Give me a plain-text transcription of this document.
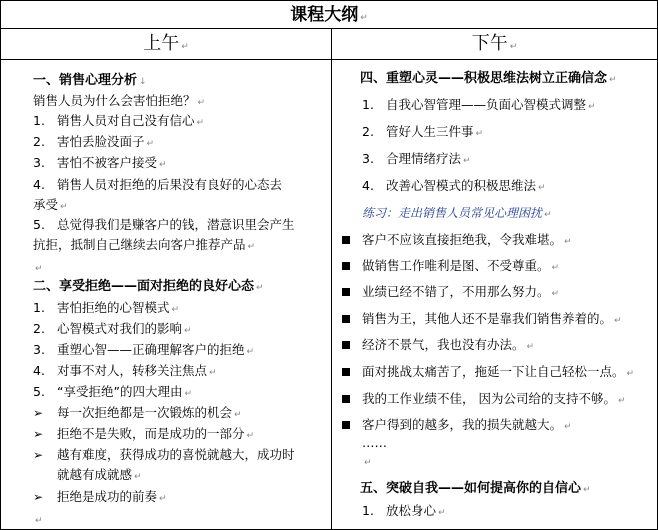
课程大纲 ↵
上午 ↵
一、销售心理分析 ↓
销售人员为什么会害怕拒绝？ ↵
1. 销售人员对自己没有信心 ↵
2. 害怕丢脸没面子 ↵
3. 害怕不被客户接受 ↵
4. 销售人员对拒绝的后果没有良好的心态去
承受 ↵
5. 总觉得我们是赚客户的钱，潜意识里会产生
抗拒，抵制自己继续去向客户推荐产品 ↵
↵
二、享受拒绝——面对拒绝的良好心态 ↵
1. 害怕拒绝的心智模式 ↵
2. 心智模式对我们的影响 ↵
3. 重塑心智——正确理解客户的拒绝 ↵
4. 对事不对人，转移关注焦点 ↵
5. “享受拒绝”的四大理由 ↵
➢ 每一次拒绝都是一次锻炼的机会 ↵
➢ 拒绝不是失败，而是成功的一部分 ↵
➢ 越有难度，获得成功的喜悦就越大，成功时
就越有成就感 ↵
➢ 拒绝是成功的前奏 ↵
↵
下午 ↵
四、重塑心灵——积极思维法树立正确信念 ↵
1. 自我心智管理——负面心智模式调整 ↵
2. 管好人生三件事 ↵
3. 合理情绪疗法 ↵
4. 改善心智模式的积极思维法 ↵
练习：走出销售人员常见心理困扰 ↵
客户不应该直接拒绝我，令我难堪。 ↵
做销售工作唯利是图、不受尊重。 ↵
业绩已经不错了，不用那么努力。 ↵
销售为王，其他人还不是靠我们销售养着的。 ↵
经济不景气，我也没有办法。 ↵
面对挑战太痛苦了，拖延一下让自己轻松一点。 ↵
我的工作业绩不佳， 因为公司给的支持不够。 ↵
客户得到的越多，我的损失就越大。 ↵
……
↵
五、突破自我——如何提高你的自信心 ↵
1. 放松身心 ↵
